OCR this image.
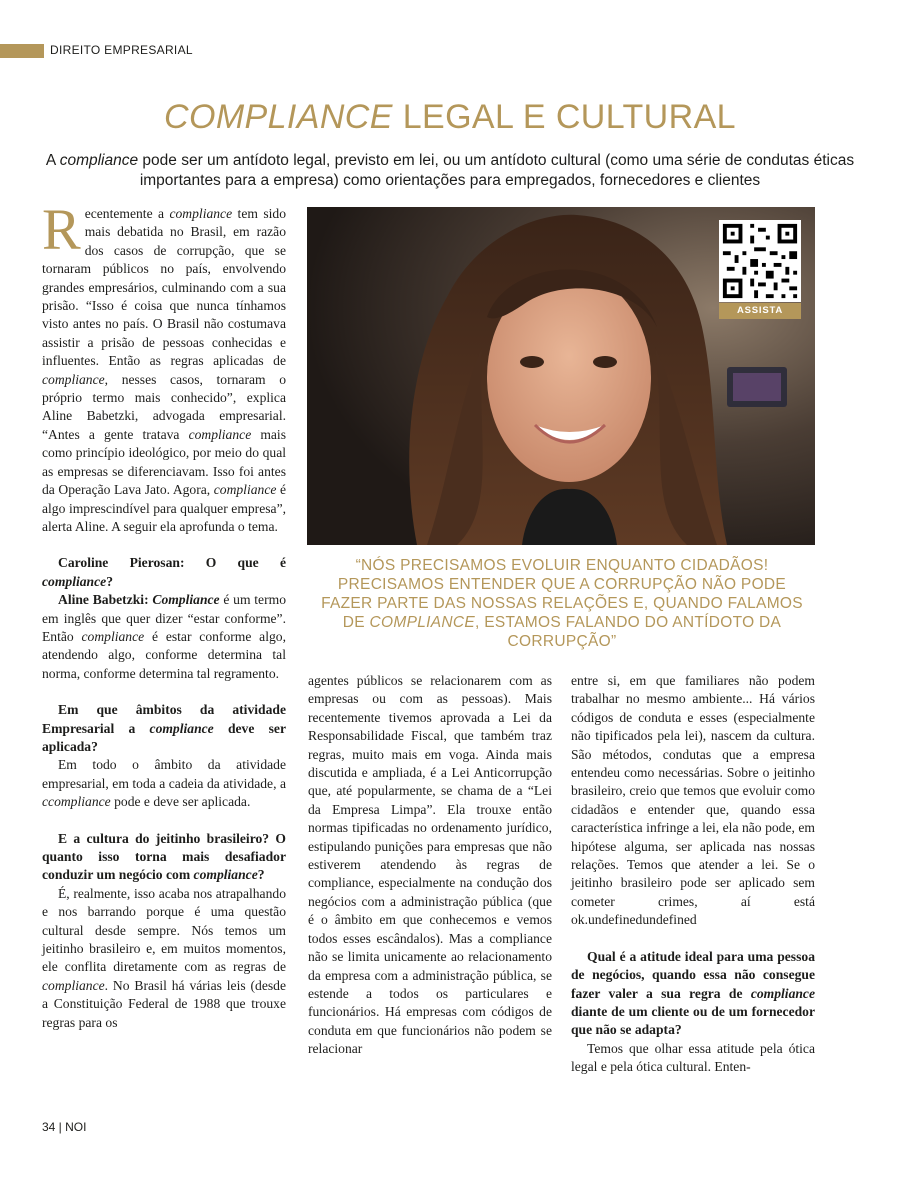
DIREITO EMPRESARIAL
COMPLIANCE LEGAL E CULTURAL
A compliance pode ser um antídoto legal, previsto em lei, ou um antídoto cultural (como uma série de condutas éticas importantes para a empresa) como orientações para empregados, fornecedores e clientes
ASSISTA
“NÓS PRECISAMOS EVOLUIR ENQUANTO CIDADÃOS! PRECISAMOS ENTENDER QUE A CORRUPÇÃO NÃO PODE FAZER PARTE DAS NOSSAS RELAÇÕES E, QUANDO FALAMOS DE COMPLIANCE, ESTAMOS FALANDO DO ANTÍDOTO DA CORRUPÇÃO”

Recentemente a compliance tem sido mais debatida no Brasil, em razão dos casos de corrupção, que se tornaram públicos no país, envolvendo grandes empresários, culminando com a sua prisão. “Isso é coisa que nunca tínhamos visto antes no país. O Brasil não costumava assistir a prisão de pessoas conhecidas e influentes. Então as regras aplicadas de compliance, nesses casos, tornaram o próprio termo mais conhecido”, explica Aline Babetzki, advogada empresarial. “Antes a gente tratava compliance mais como princípio ideológico, por meio do qual as empresas se diferenciavam. Isso foi antes da Operação Lava Jato. Agora, compliance é algo imprescindível para qualquer empresa”, alerta Aline. A seguir ela aprofunda o tema.

Caroline Pierosan: O que é compliance?

Aline Babetzki: Compliance é um termo em inglês que quer dizer “estar conforme”. Então compliance é estar conforme algo, atendendo algo, conforme determina tal norma, conforme determina tal regramento.

Em que âmbitos da atividade Empresarial a compliance deve ser aplicada?

Em todo o âmbito da atividade empresarial, em toda a cadeia da atividade, a ccompliance pode e deve ser aplicada.

E a cultura do jeitinho brasileiro? O quanto isso torna mais desafiador conduzir um negócio com compliance?

É, realmente, isso acaba nos atrapalhando e nos barrando porque é uma questão cultural desde sempre. Nós temos um jeitinho brasileiro e, em muitos momentos, ele conflita diretamente com as regras de compliance. No Brasil há várias leis (desde a Constituição Federal de 1988 que trouxe regras para os

agentes públicos se relacionarem com as empresas ou com as pessoas). Mais recentemente tivemos aprovada a Lei da Responsabilidade Fiscal, que também traz regras, muito mais em voga. Ainda mais discutida e ampliada, é a Lei Anticorrupção que, até popularmente, se chama de a “Lei da Empresa Limpa”. Ela trouxe então normas tipificadas no ordenamento jurídico, estipulando punições para empresas que não estiverem atendendo às regras de compliance, especialmente na condução dos negócios com a administração pública (que é o âmbito em que conhecemos e vemos todos esses escândalos). Mas a compliance não se limita unicamente ao relacionamento da empresa com a administração pública, se estende a todos os particulares e funcionários. Há empresas com códigos de conduta em que funcionários não podem se relacionar

entre si, em que familiares não podem trabalhar no mesmo ambiente... Há vários códigos de conduta e esses (especialmente não tipificados pela lei), nascem da cultura. São métodos, condutas que a empresa entendeu como necessárias. Sobre o jeitinho brasileiro, creio que temos que evoluir como cidadãos e entender que, quando essa característica infringe a lei, ela não pode, em hipótese alguma, ser aplicada nas nossas relações. Temos que atender a lei. Se o jeitinho brasileiro pode ser aplicado sem cometer crimes, aí está ok.undefinedundefined

Qual é a atitude ideal para uma pessoa de negócios, quando essa não consegue fazer valer a sua regra de compliance diante de um cliente ou de um fornecedor que não se adapta?

Temos que olhar essa atitude pela ótica legal e pela ótica cultural. Enten-

34 | NOI
